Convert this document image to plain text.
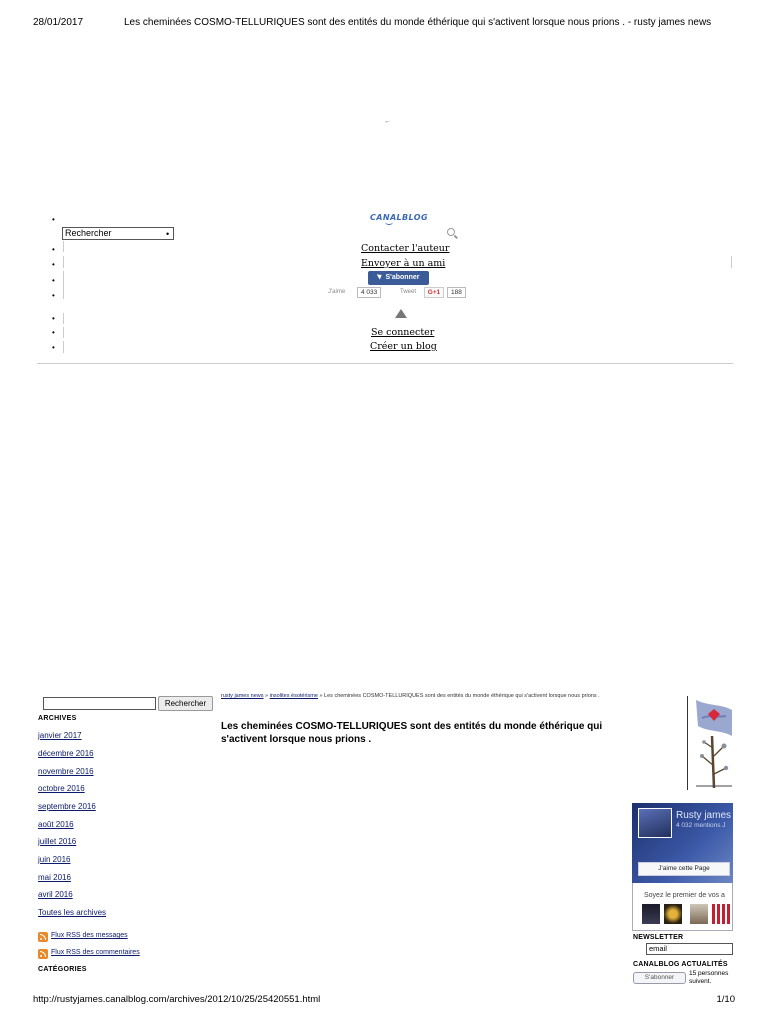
28/01/2017	Les cheminées COSMO-TELLURIQUES sont des entités du monde éthérique qui s'activent lorsque nous prions . - rusty james news
←
•
•
•
•
•
•
•
•
CANALBLOG
Rechercher	•
Contacter l'auteur
Envoyer à un ami
S'abonner
J'aime	4 033	Tweet	G+1	188
Se connecter
Créer un blog
Rechercher
ARCHIVES
janvier 2017
décembre 2016
novembre 2016
octobre 2016
septembre 2016
août 2016
juillet 2016
juin 2016
mai 2016
avril 2016
Toutes les archives
Flux RSS des messages
Flux RSS des commentaires
CATÉGORIES
rusty james news » insolites ésotérisme » Les cheminées COSMO-TELLURIQUES sont des entités du monde éthérique qui s'activent lorsque nous prions .
Les cheminées COSMO-TELLURIQUES sont des entités du monde éthérique qui s'activent lorsque nous prions .
Rusty james
4 032 mentions J
J'aime cette Page
Soyez le premier de vos a
NEWSLETTER
email
CANALBLOG ACTUALITÉS
S'abonner
15 personnes
suivent.
http://rustyjames.canalblog.com/archives/2012/10/25/25420551.html	1/10
